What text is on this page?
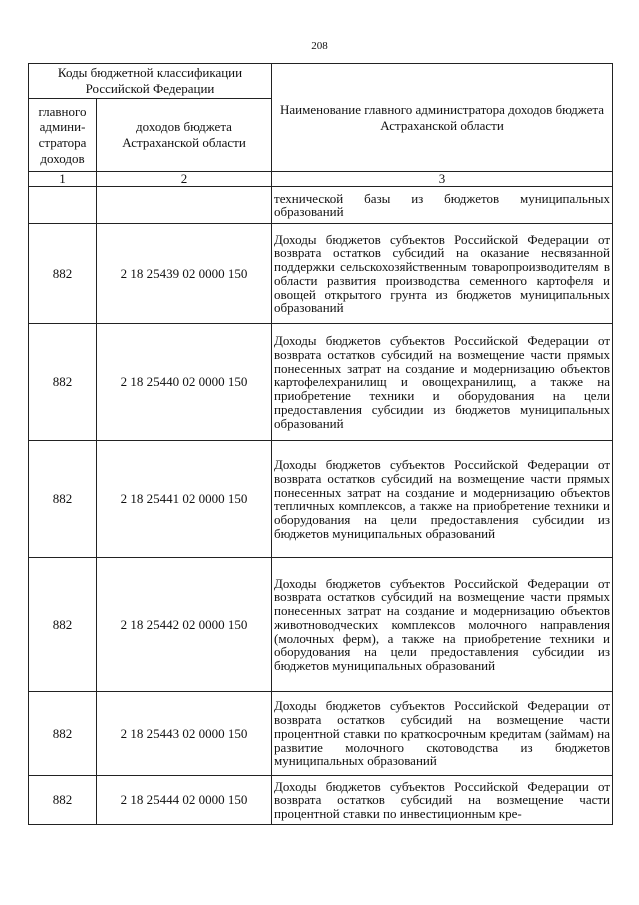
208
Коды бюджетной классификации Российской Федерации		Наименование главного администратора доходов бюджета Астраханской области
главного админи-стратора доходов	доходов бюджета Астраханской области	
1	2	3
		технической базы из бюджетов муниципальных образований
882	2 18 25439 02 0000 150	Доходы бюджетов субъектов Российской Федерации от возврата остатков субсидий на оказание несвязанной поддержки сельскохозяйственным товаропроизводителям в области развития производства семенного картофеля и овощей открытого грунта из бюджетов муниципальных образований
882	2 18 25440 02 0000 150	Доходы бюджетов субъектов Российской Федерации от возврата остатков субсидий на возмещение части прямых понесенных затрат на создание и модернизацию объектов картофелехранилищ и овощехранилищ, а также на приобретение техники и оборудования на цели предоставления субсидии из бюджетов муниципальных образований
882	2 18 25441 02 0000 150	Доходы бюджетов субъектов Российской Федерации от возврата остатков субсидий на возмещение части прямых понесенных затрат на создание и модернизацию объектов тепличных комплексов, а также на приобретение техники и оборудования на цели предоставления субсидии из бюджетов муниципальных образований
882	2 18 25442 02 0000 150	Доходы бюджетов субъектов Российской Федерации от возврата остатков субсидий на возмещение части прямых понесенных затрат на создание и модернизацию объектов животноводческих комплексов молочного направления (молочных ферм), а также на приобретение техники и оборудования на цели предоставления субсидии из бюджетов муниципальных образований
882	2 18 25443 02 0000 150	Доходы бюджетов субъектов Российской Федерации от возврата остатков субсидий на возмещение части процентной ставки по краткосрочным кредитам (займам) на развитие молочного скотоводства из бюджетов муниципальных образований
882	2 18 25444 02 0000 150	Доходы бюджетов субъектов Российской Федерации от возврата остатков субсидий на возмещение части процентной ставки по инвестиционным кре-
